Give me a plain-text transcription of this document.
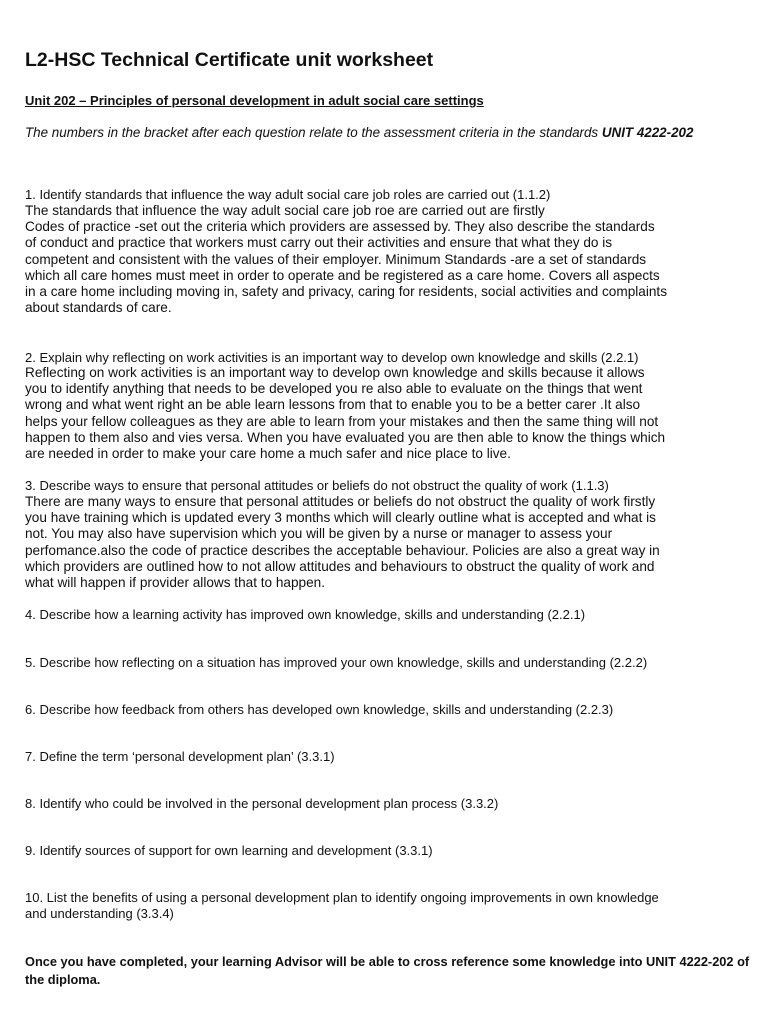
L2-HSC Technical Certificate unit worksheet
Unit 202 – Principles of personal development in adult social care settings
The numbers in the bracket after each question relate to the assessment criteria in the standards UNIT 4222-202
1. Identify standards that influence the way adult social care job roles are carried out (1.1.2)
The standards that influence the way adult social care job roe are carried out are firstly
Codes of practice -set out the criteria which providers are assessed by. They also describe the standards
of conduct and practice that workers must carry out their activities and ensure that what they do is
competent and consistent with the values of their employer. Minimum Standards -are a set of standards
which all care homes must meet in order to operate and be registered as a care home. Covers all aspects
in a care home including moving in, safety and privacy, caring for residents, social activities and complaints
about standards of care.
2. Explain why reflecting on work activities is an important way to develop own knowledge and skills (2.2.1)
Reflecting on work activities is an important way to develop own knowledge and skills because it allows
you to identify anything that needs to be developed you re also able to evaluate on the things that went
wrong and what went right an be able learn lessons from that to enable you to be a better carer .It also
helps your fellow colleagues as they are able to learn from your mistakes and then the same thing will not
happen to them also and vies versa. When you have evaluated you are then able to know the things which
are needed in order to make your care home a much safer and nice place to live.
3. Describe ways to ensure that personal attitudes or beliefs do not obstruct the quality of work (1.1.3)
There are many ways to ensure that personal attitudes or beliefs do not obstruct the quality of work firstly
you have training which is updated every 3 months which will clearly outline what is accepted and what is
not. You may also have supervision which you will be given by a nurse or manager to assess your
perfomance.also the code of practice describes the acceptable behaviour. Policies are also a great way in
which providers are outlined how to not allow attitudes and behaviours to obstruct the quality of work and
what will happen if provider allows that to happen.
4. Describe how a learning activity has improved own knowledge, skills and understanding (2.2.1)
5. Describe how reflecting on a situation has improved your own knowledge, skills and understanding (2.2.2)
6. Describe how feedback from others has developed own knowledge, skills and understanding (2.2.3)
7. Define the term ‘personal development plan’ (3.3.1)
8. Identify who could be involved in the personal development plan process (3.3.2)
9. Identify sources of support for own learning and development (3.3.1)
10. List the benefits of using a personal development plan to identify ongoing improvements in own knowledge
and understanding (3.3.4)
Once you have completed, your learning Advisor will be able to cross reference some knowledge into UNIT 4222-202 of the diploma.
